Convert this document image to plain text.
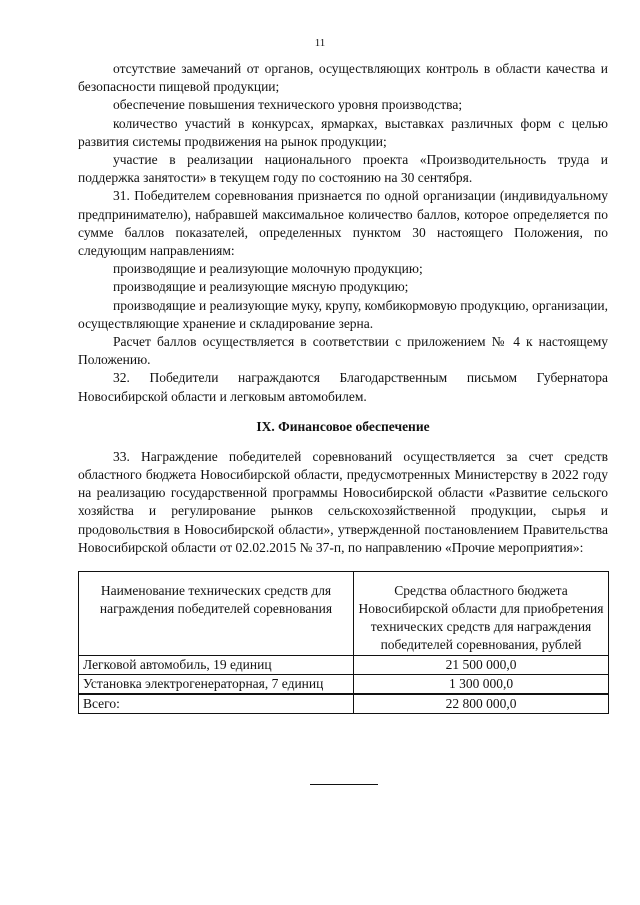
11

отсутствие замечаний от органов, осуществляющих контроль в области качества и безопасности пищевой продукции;

обеспечение повышения технического уровня производства;

количество участий в конкурсах, ярмарках, выставках различных форм с целью развития системы продвижения на рынок продукции;

участие в реализации национального проекта «Производительность труда и поддержка занятости» в текущем году по состоянию на 30 сентября.

31. Победителем соревнования признается по одной организации (индивидуальному предпринимателю), набравшей максимальное количество баллов, которое определяется по сумме баллов показателей, определенных пунктом 30 настоящего Положения, по следующим направлениям:

производящие и реализующие молочную продукцию;

производящие и реализующие мясную продукцию;

производящие и реализующие муку, крупу, комбикормовую продукцию, организации, осуществляющие хранение и складирование зерна.

Расчет баллов осуществляется в соответствии с приложением № 4 к настоящему Положению.

32. Победители награждаются Благодарственным письмом Губернатора Новосибирской области и легковым автомобилем.

IX. Финансовое обеспечение

33. Награждение победителей соревнований осуществляется за счет средств областного бюджета Новосибирской области, предусмотренных Министерству в 2022 году на реализацию государственной программы Новосибирской области «Развитие сельского хозяйства и регулирование рынков сельскохозяйственной продукции, сырья и продовольствия в Новосибирской области», утвержденной постановлением Правительства Новосибирской области от 02.02.2015 № 37-п, по направлению «Прочие мероприятия»:

Наименование технических средств для награждения победителей соревнования	Средства областного бюджета Новосибирской области для приобретения технических средств для награждения победителей соревнования, рублей
Легковой автомобиль, 19 единиц	21 500 000,0
Установка электрогенераторная, 7 единиц	1 300 000,0
Всего:	22 800 000,0
